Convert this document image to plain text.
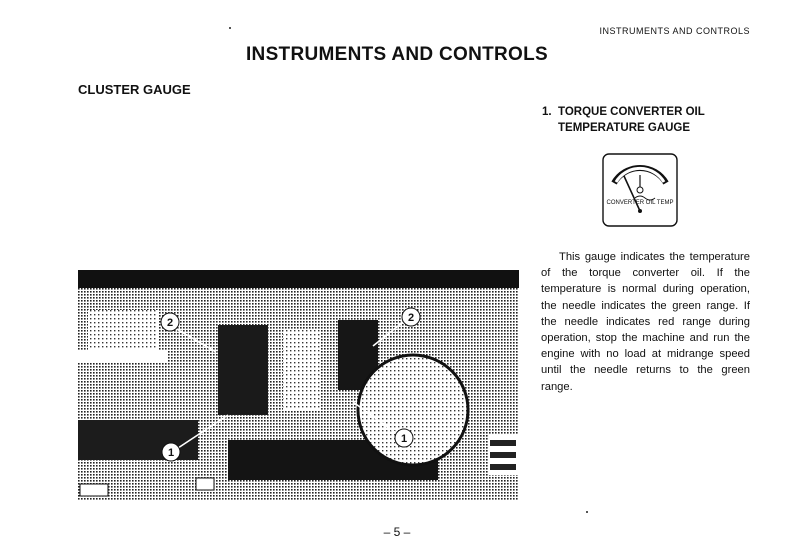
INSTRUMENTS AND CONTROLS
INSTRUMENTS AND CONTROLS
CLUSTER GAUGE
1. TORQUE CONVERTER OIL
TEMPERATURE GAUGE
CONVERTER OIL TEMP

This gauge indicates the temperature of the torque converter oil. If the temperature is normal during operation, the needle indicates the green range. If the needle indicates red range during operation, stop the machine and run the engine with no load at midrange speed until the needle returns to the green range.

2	2
1
1
– 5 –
